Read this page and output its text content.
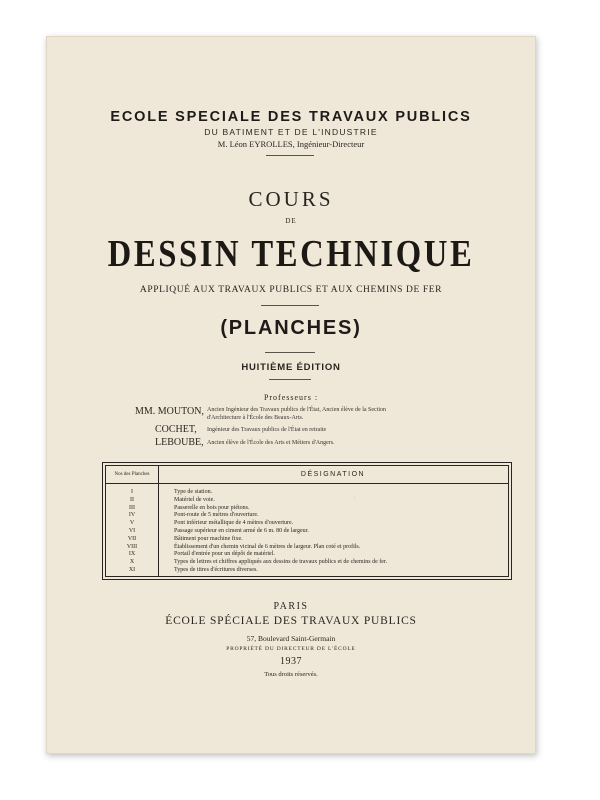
ECOLE SPECIALE DES TRAVAUX PUBLICS
DU BATIMENT ET DE L'INDUSTRIE
M. Léon EYROLLES, Ingénieur-Directeur
COURS
DE
DESSIN TECHNIQUE
APPLIQUÉ AUX TRAVAUX PUBLICS ET AUX CHEMINS DE FER
(PLANCHES)
HUITIÈME ÉDITION
Professeurs :
MM. MOUTON, Ancien Ingénieur des Travaux publics de l'État, Ancien élève de la Section
d'Architecture à l'École des Beaux-Arts.
COCHET, Ingénieur des Travaux publics de l'État en retraite
LEBOUBE, Ancien élève de l'École des Arts et Métiers d'Angers.
Nos des Planches	DÉSIGNATION
I	Type de station.
II	Matériel de voie.
III	Passerelle en bois pour piétons.
IV	Pont-route de 5 mètres d'ouverture.
V	Pont inférieur métallique de 4 mètres d'ouverture.
VI	Passage supérieur en ciment armé de 6 m. 80 de largeur.
VII	Bâtiment pour machine fixe.
VIII	Établissement d'un chemin vicinal de 6 mètres de largeur. Plan coté et profils.
IX	Portail d'entrée pour un dépôt de matériel.
X	Types de lettres et chiffres appliqués aux dessins de travaux publics et de chemins de fer.
XI	Types de titres d'écritures diverses.
·
PARIS
ÉCOLE SPÉCIALE DES TRAVAUX PUBLICS
57, Boulevard Saint-Germain
PROPRIÉTÉ DU DIRECTEUR DE L'ÉCOLE
1937
Tous droits réservés.
